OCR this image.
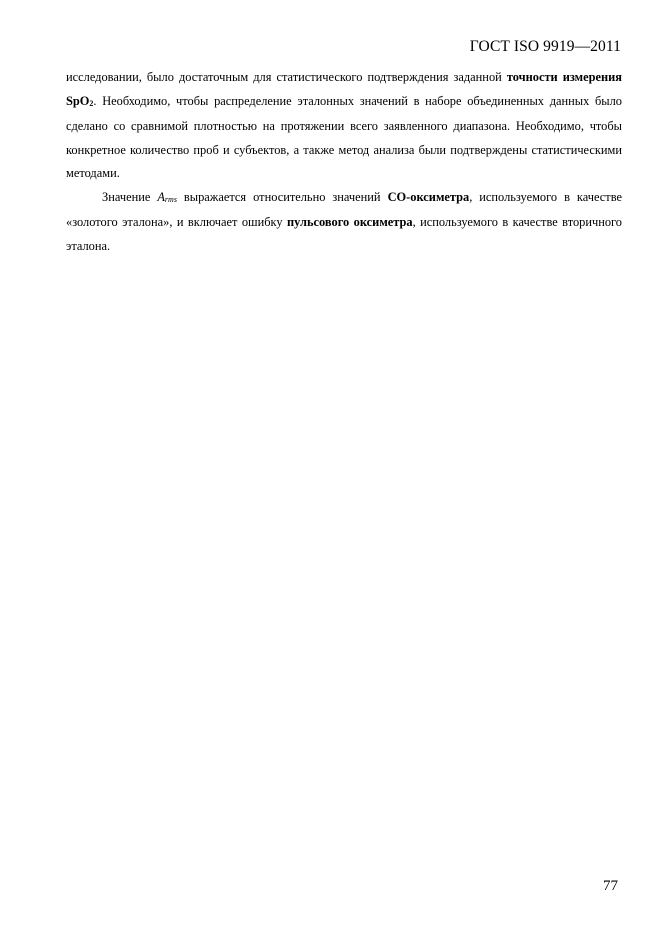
ГОСТ ISO 9919—2011

исследовании, было достаточным для статистического подтверждения заданной точности измерения SpO2. Необходимо, чтобы распределение эталонных значений в наборе объединенных данных было сделано со сравнимой плотностью на протяжении всего заявленного диапазона. Необходимо, чтобы конкретное количество проб и субъектов, а также метод анализа были подтверждены статистическими методами.

Значение Arms выражается относительно значений CO-оксиметра, используемого в качестве «золотого эталона», и включает ошибку пульсового оксиметра, используемого в качестве вторичного эталона.

77
